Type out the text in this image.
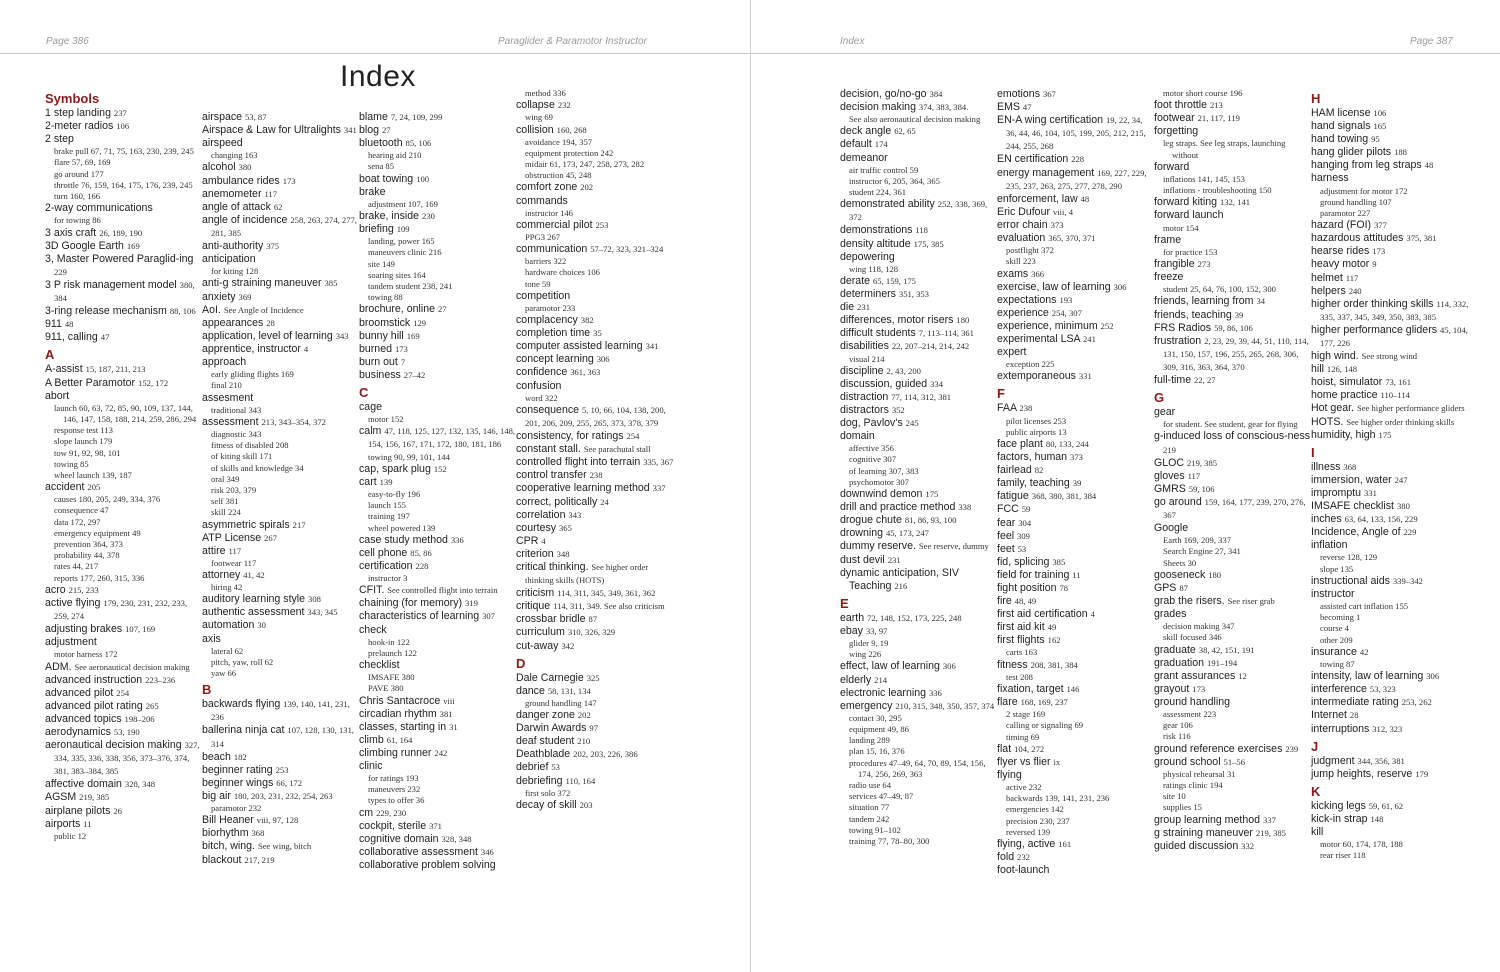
Page 386	Paraglider & Paramotor Instructor
Index
Index	Page 387
Symbols
1 step landing 237
2-meter radios 106
2 step
brake pull 67, 71, 75, 163, 230, 239, 245
flare 57, 69, 169
go around 177
throttle 76, 159, 164, 175, 176, 239, 245
turn 160, 166
2-way communications
for towing 86
3 axis craft 26, 189, 190
3D Google Earth 169
3, Master Powered Paraglid-ing 229
3 P risk management model 380, 384
3-ring release mechanism 88, 106
911 48
911, calling 47
A
A-assist 15, 187, 211, 213
A Better Paramotor 152, 172
abort
launch 60, 63, 72, 85, 90, 109, 137, 144, 146, 147, 158, 188, 214, 259, 286, 294
response test 113
slope launch 179
tow 91, 92, 98, 101
towing 85
wheel launch 139, 187
accident 205
causes 180, 205, 249, 334, 376
consequence 47
data 172, 297
emergency equipment 49
prevention 364, 373
probability 44, 378
rates 44, 217
reports 177, 260, 315, 336
acro 215, 233
active flying 179, 230, 231, 232, 233, 259, 274
adjusting brakes 107, 169
adjustment
motor harness 172
ADM. See aeronautical decision making
advanced instruction 223–236
advanced pilot 254
advanced pilot rating 265
advanced topics 198–206
aerodynamics 53, 190
aeronautical decision making 327, 334, 335, 336, 338, 356, 373–376, 374, 381, 383–384, 385
affective domain 328, 348
AGSM 219, 385
airplane pilots 26
airports 11
public 12
airspace 53, 87
Airspace & Law for Ultralights 341
airspeed
changing 163
alcohol 380
ambulance rides 173
anemometer 117
angle of attack 62
angle of incidence 258, 263, 274, 277, 281, 385
anti-authority 375
anticipation
for kiting 128
anti-g straining maneuver 385
anxiety 369
AoI. See Angle of Incidence
appearances 28
application, level of learning 343
apprentice, instructor 4
approach
early gliding flights 169
final 210
assesment
traditional 343
assessment 213, 343–354, 372
diagnostic 343
fitness of disabled 208
of kiting skill 171
of skills and knowledge 34
oral 349
risk 203, 379
self 381
skill 224
asymmetric spirals 217
ATP License 267
attire 117
footwear 117
attorney 41, 42
hiring 42
auditory learning style 308
authentic assessment 343, 345
automation 30
axis
lateral 62
pitch, yaw, roll 62
yaw 66
B
backwards flying 139, 140, 141, 231, 236
ballerina ninja cat 107, 128, 130, 131, 314
beach 182
beginner rating 253
beginner wings 66, 172
big air 180, 203, 231, 232, 254, 263
paramotor 232
Bill Heaner viii, 97, 128
biorhythm 368
bitch, wing. See wing, bitch
blackout 217, 219
blame 7, 24, 109, 299
blog 27
bluetooth 85, 106
hearing aid 210
sena 85
boat towing 100
brake
adjustment 107, 169
brake, inside 230
briefing 109
landing, power 165
maneuvers clinic 216
site 149
soaring sites 164
tandem student 238, 241
towing 88
brochure, online 27
broomstick 129
bunny hill 169
burned 173
burn out 7
business 27–42
C
cage
motor 152
calm 47, 118, 125, 127, 132, 135, 146, 148, 154, 156, 167, 171, 172, 180, 181, 186
towing 90, 99, 101, 144
cap, spark plug 152
cart 139
easy-to-fly 196
launch 155
training 197
wheel powered 139
case study method 336
cell phone 85, 86
certification 228
instructor 3
CFIT. See controlled flight into terrain
chaining (for memory) 319
characteristics of learning 307
check
hook-in 122
prelaunch 122
checklist
IMSAFE 380
PAVE 380
Chris Santacroce viii
circadian rhythm 381
classes, starting in 31
climb 61, 164
climbing runner 242
clinic
for ratings 193
maneuvers 232
types to offer 36
cm 229, 230
cockpit, sterile 371
cognitive domain 328, 348
collaborative assessment 346
collaborative problem solving
method 336
collapse 232
wing 69
collision 160, 268
avoidance 194, 357
equipment protection 242
midair 61, 173, 247, 258, 273, 282
obstruction 45, 248
comfort zone 202
commands
instructor 146
commercial pilot 253
PPG3 267
communication 57–72, 323, 321–324
barriers 322
hardware choices 106
tone 59
competition
paramotor 233
complacency 382
completion time 35
computer assisted learning 341
concept learning 306
confidence 361, 363
confusion
word 322
consequence 5, 10, 66, 104, 138, 200, 201, 206, 209, 255, 265, 373, 378, 379
consistency, for ratings 254
constant stall. See parachutal stall
controlled flight into terrain 335, 367
control transfer 238
cooperative learning method 337
correct, politically 24
correlation 343
courtesy 365
CPR 4
criterion 348
critical thinking. See higher order thinking skills (HOTS)
criticism 114, 311, 345, 349, 361, 362
critique 114, 311, 349. See also criticism
crossbar bridle 87
curriculum 310, 326, 329
cut-away 342
D
Dale Carnegie 325
dance 58, 131, 134
ground handling 147
danger zone 202
Darwin Awards 97
deaf student 210
Deathblade 202, 203, 226, 386
debrief 53
debriefing 110, 164
first solo 372
decay of skill 203
decision, go/no-go 384
decision making 374, 383, 384.
See also aeronautical decision making
deck angle 62, 65
default 174
demeanor
air traffic control 59
instructor 6, 205, 364, 365
student 224, 361
demonstrated ability 252, 338, 369, 372
demonstrations 118
density altitude 175, 385
depowering
wing 118, 128
derate 65, 159, 175
determiners 351, 353
die 231
differences, motor risers 180
difficult students 7, 113–114, 361
disabilities 22, 207–214, 214, 242
visual 214
discipline 2, 43, 200
discussion, guided 334
distraction 77, 114, 312, 381
distractors 352
dog, Pavlov's 245
domain
affective 356
cognitive 307
of learning 307, 383
psychomotor 307
downwind demon 175
drill and practice method 338
drogue chute 81, 86, 93, 100
drowning 45, 173, 247
dummy reserve. See reserve, dummy
dust devil 231
dynamic anticipation, SIV Teaching 216
E
earth 72, 148, 152, 173, 225, 248
ebay 33, 97
glider 9, 19
wing 226
effect, law of learning 306
elderly 214
electronic learning 336
emergency 210, 315, 348, 350, 357, 374
contact 30, 295
equipment 49, 86
landing 289
plan 15, 16, 376
procedures 47–49, 64, 70, 89, 154, 156, 174, 256, 269, 363
radio use 64
services 47–49, 87
situation 77
tandem 242
towing 91–102
training 77, 78–80, 300
emotions 367
EMS 47
EN-A wing certification 19, 22, 34, 36, 44, 46, 104, 105, 199, 205, 212, 215, 244, 255, 268
EN certification 228
energy management 169, 227, 229, 235, 237, 263, 275, 277, 278, 290
enforcement, law 48
Eric Dufour viii, 4
error chain 373
evaluation 365, 370, 371
postflight 372
skill 223
exams 366
exercise, law of learning 306
expectations 193
experience 254, 307
experience, minimum 252
experimental LSA 241
expert
exception 225
extemporaneous 331
F
FAA 238
pilot licenses 253
public airports 13
face plant 80, 133, 244
factors, human 373
fairlead 82
family, teaching 39
fatigue 368, 380, 381, 384
FCC 59
fear 304
feel 309
feet 53
fid, splicing 385
field for training 11
fight position 78
fire 48, 49
first aid certification 4
first aid kit 49
first flights 162
carts 163
fitness 208, 381, 384
test 208
fixation, target 146
flare 168, 169, 237
2 stage 169
calling or signaling 69
timing 69
flat 104, 272
flyer vs flier ix
flying
active 232
backwards 139, 141, 231, 236
emergencies 142
precision 230, 237
reversed 139
flying, active 161
fold 232
foot-launch
motor short course 196
foot throttle 213
footwear 21, 117, 119
forgetting
leg straps. See leg straps, launching without
forward
inflations 141, 145, 153
inflations - troubleshooting 150
forward kiting 132, 141
forward launch
motor 154
frame
for practice 153
frangible 273
freeze
student 25, 64, 76, 100, 152, 300
friends, learning from 34
friends, teaching 39
FRS Radios 59, 86, 106
frustration 2, 23, 29, 39, 44, 51, 110, 114, 131, 150, 157, 196, 255, 265, 268, 306, 309, 316, 363, 364, 370
full-time 22, 27
G
gear
for student. See student, gear for flying
g-induced loss of conscious-ness 219
GLOC 219, 385
gloves 117
GMRS 59, 106
go around 159, 164, 177, 239, 270, 276, 367
Google
Earth 169, 209, 337
Search Engine 27, 341
Sheets 30
gooseneck 180
GPS 87
grab the risers. See riser grab
grades
decision making 347
skill focused 346
graduate 38, 42, 151, 191
graduation 191–194
grant assurances 12
grayout 173
ground handling
assessment 223
gear 106
risk 116
ground reference exercises 239
ground school 51–56
physical rehearsal 31
ratings clinic 194
site 10
supplies 15
group learning method 337
g straining maneuver 219, 385
guided discussion 332
H
HAM license 106
hand signals 165
hand towing 95
hang glider pilots 188
hanging from leg straps 48
harness
adjustment for motor 172
ground handling 107
paramotor 227
hazard (FOI) 377
hazardous attitudes 375, 381
hearse rides 173
heavy motor 9
helmet 117
helpers 240
higher order thinking skills 114, 332, 335, 337, 345, 349, 350, 383, 385
higher performance gliders 45, 104, 177, 226
high wind. See strong wind
hill 126, 148
hoist, simulator 73, 161
home practice 110–114
Hot gear. See higher performance gliders
HOTS. See higher order thinking skills
humidity, high 175
I
illness 368
immersion, water 247
impromptu 331
IMSAFE checklist 380
inches 63, 64, 133, 156, 229
Incidence, Angle of 229
inflation
reverse 128, 129
slope 135
instructional aids 339–342
instructor
assisted cart inflation 155
becoming 1
course 4
other 209
insurance 42
towing 87
intensity, law of learning 306
interference 53, 323
intermediate rating 253, 262
Internet 28
interruptions 312, 323
J
judgment 344, 356, 381
jump heights, reserve 179
K
kicking legs 59, 61, 62
kick-in strap 148
kill
motor 60, 174, 178, 188
rear riser 118
